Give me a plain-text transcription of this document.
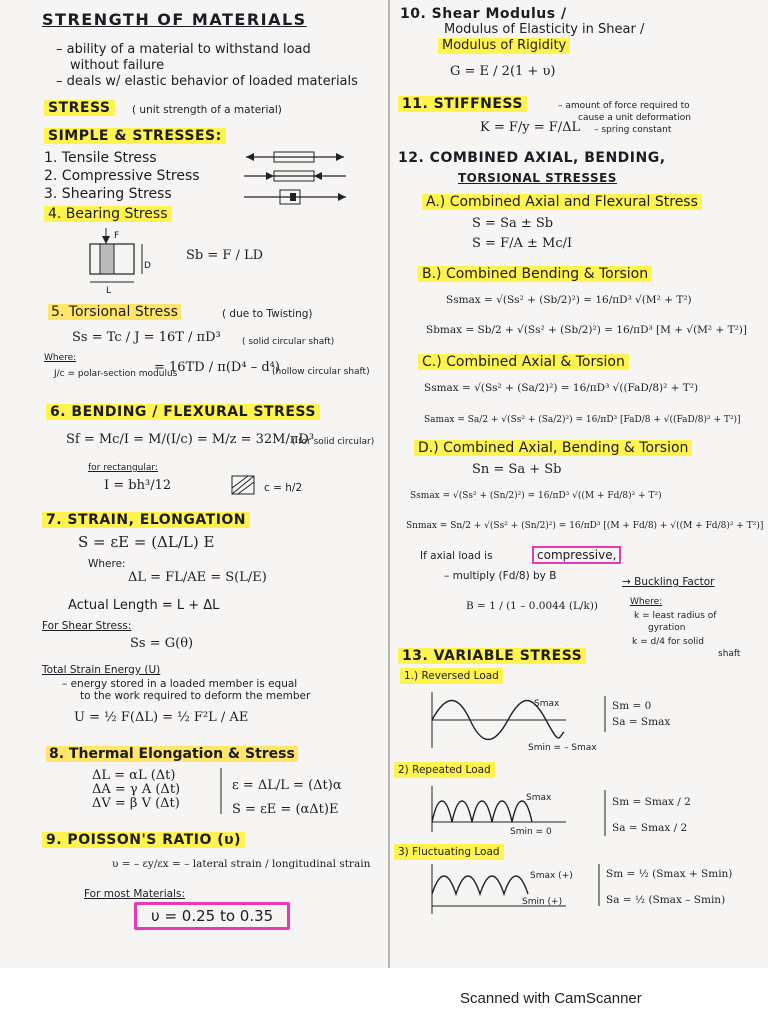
STRENGTH OF MATERIALS
– ability of a material to withstand load
without failure
– deals w/ elastic behavior of loaded materials
STRESS	( unit strength of a material)
SIMPLE & STRESSES:
1. Tensile Stress
2. Compressive Stress
3. Shearing Stress
4. Bearing Stress
F
D
L
Sb = F / LD
5. Torsional Stress	( due to Twisting)
Ss = Tc / J = 16T / πD³ ( solid circular shaft)
= 16TD / π(D⁴ – d⁴)
(hollow circular shaft)
Where:
J/c = polar-section modulus
6. BENDING / FLEXURAL STRESS
Sf = Mc/I = M/(I/c) = M/z = 32M/πD³
( for solid circular)
for rectangular:
I = bh³/12	c = h/2
7. STRAIN, ELONGATION
S = εE = (ΔL/L) E
Where:
ΔL = FL/AE = S(L/E)
Actual Length = L + ΔL
For Shear Stress:
Ss = G(θ)
Total Strain Energy (U)
– energy stored in a loaded member is equal
to the work required to deform the member
U = ½ F(ΔL) = ½ F²L / AE
8. Thermal Elongation & Stress
ΔL = αL (Δt)
ΔA = γ A (Δt)
ΔV = β V (Δt)
ε = ΔL/L = (Δt)α
S = εE = (αΔt)E
9. POISSON'S RATIO (υ)
υ = – εy/εx = – lateral strain / longitudinal strain
For most Materials:
υ = 0.25 to 0.35
10. Shear Modulus /
Modulus of Elasticity in Shear /
Modulus of Rigidity
G = E / 2(1 + υ)
11. STIFFNESS	– amount of force required to
cause a unit deformation
– spring constant
K = F/y = F/ΔL
12. COMBINED AXIAL, BENDING,
TORSIONAL STRESSES
A.) Combined Axial and Flexural Stress
S = Sa ± Sb
S = F/A ± Mc/I
B.) Combined Bending & Torsion
Ssmax = √(Ss² + (Sb/2)²) = 16/πD³ √(M² + T²)
Sbmax = Sb/2 + √(Ss² + (Sb/2)²) = 16/πD³ [M + √(M² + T²)]
C.) Combined Axial & Torsion
Ssmax = √(Ss² + (Sa/2)²) = 16/πD³ √((FaD/8)² + T²)
Samax = Sa/2 + √(Ss² + (Sa/2)²) = 16/πD³ [FaD/8 + √((FaD/8)² + T²)]
D.) Combined Axial, Bending & Torsion
Sn = Sa + Sb
Ssmax = √(Ss² + (Sn/2)²) = 16/πD³ √((M + Fd/8)² + T²)
Snmax = Sn/2 + √(Ss² + (Sn/2)²) = 16/πD³ [(M + Fd/8) + √((M + Fd/8)² + T²)]
If axial load is	compressive,
– multiply (Fd/8) by B	→ Buckling Factor
B = 1 / (1 – 0.0044 (L/k))	Where:
k = least radius of
gyration
k = d/4 for solid
shaft
13. VARIABLE STRESS
1.) Reversed Load
Smax
Smin = – Smax
Sm = 0
Sa = Smax
2) Repeated Load
Smax
Smin = 0
Sm = Smax / 2
Sa = Smax / 2
3) Fluctuating Load
Smax (+)
Smin (+)
Sm = ½ (Smax + Smin)
Sa = ½ (Smax – Smin)
Scanned with CamScanner
